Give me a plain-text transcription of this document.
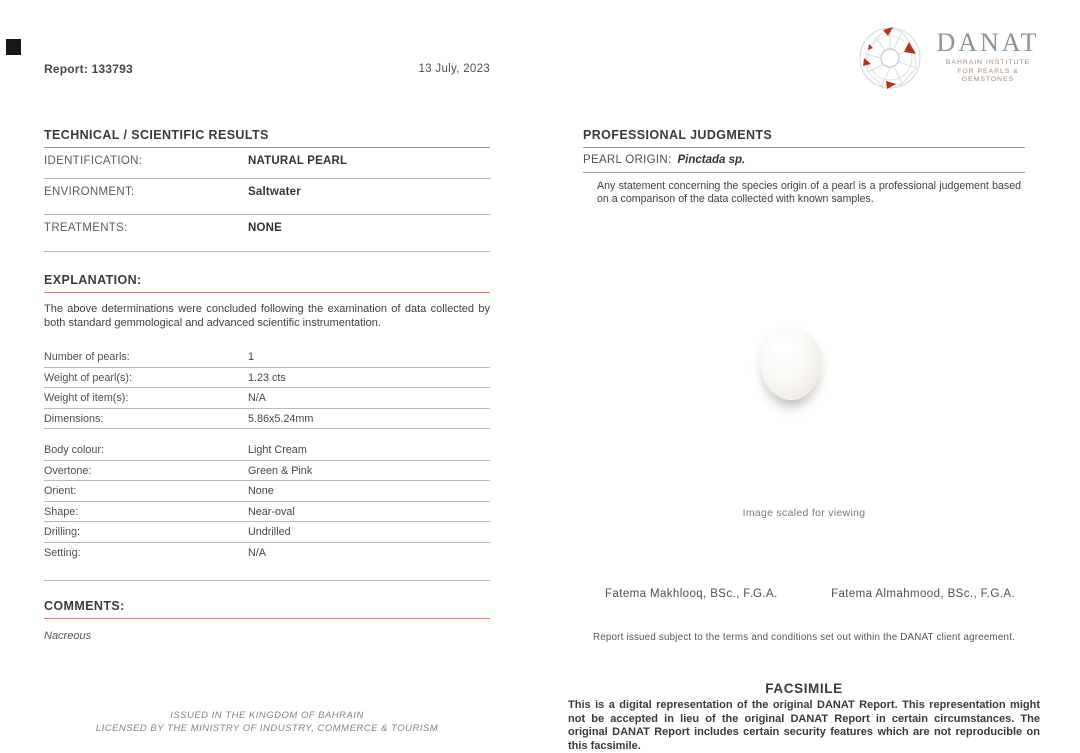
Report: 133793	13 July, 2023
DANAT
BAHRAIN INSTITUTE
FOR PEARLS & GEMSTONES
TECHNICAL / SCIENTIFIC RESULTS
IDENTIFICATION:	NATURAL PEARL
ENVIRONMENT:	Saltwater
TREATMENTS:	NONE
EXPLANATION:
The above determinations were concluded following the examination of data collected by both standard gemmological and advanced scientific instrumentation.
Number of pearls:	1
Weight of pearl(s):	1.23 cts
Weight of item(s):	N/A
Dimensions:	5.86x5.24mm
Body colour:	Light Cream
Overtone:	Green & Pink
Orient:	None
Shape:	Near-oval
Drilling:	Undrilled
Setting:	N/A
COMMENTS:
Nacreous
ISSUED IN THE KINGDOM OF BAHRAIN
LICENSED BY THE MINISTRY OF INDUSTRY, COMMERCE & TOURISM
PROFESSIONAL JUDGMENTS
PEARL ORIGIN: Pinctada sp.
Any statement concerning the species origin of a pearl is a professional judgement based on a comparison of the data collected with known samples.
Image scaled for viewing
Fatema Makhlooq, BSc., F.G.A.	Fatema Almahmood, BSc., F.G.A.
Report issued subject to the terms and conditions set out within the DANAT client agreement.
FACSIMILE
This is a digital representation of the original DANAT Report. This representation might not be accepted in lieu of the original DANAT Report in certain circumstances. The original DANAT Report includes certain security features which are not reproducible on this facsimile.
